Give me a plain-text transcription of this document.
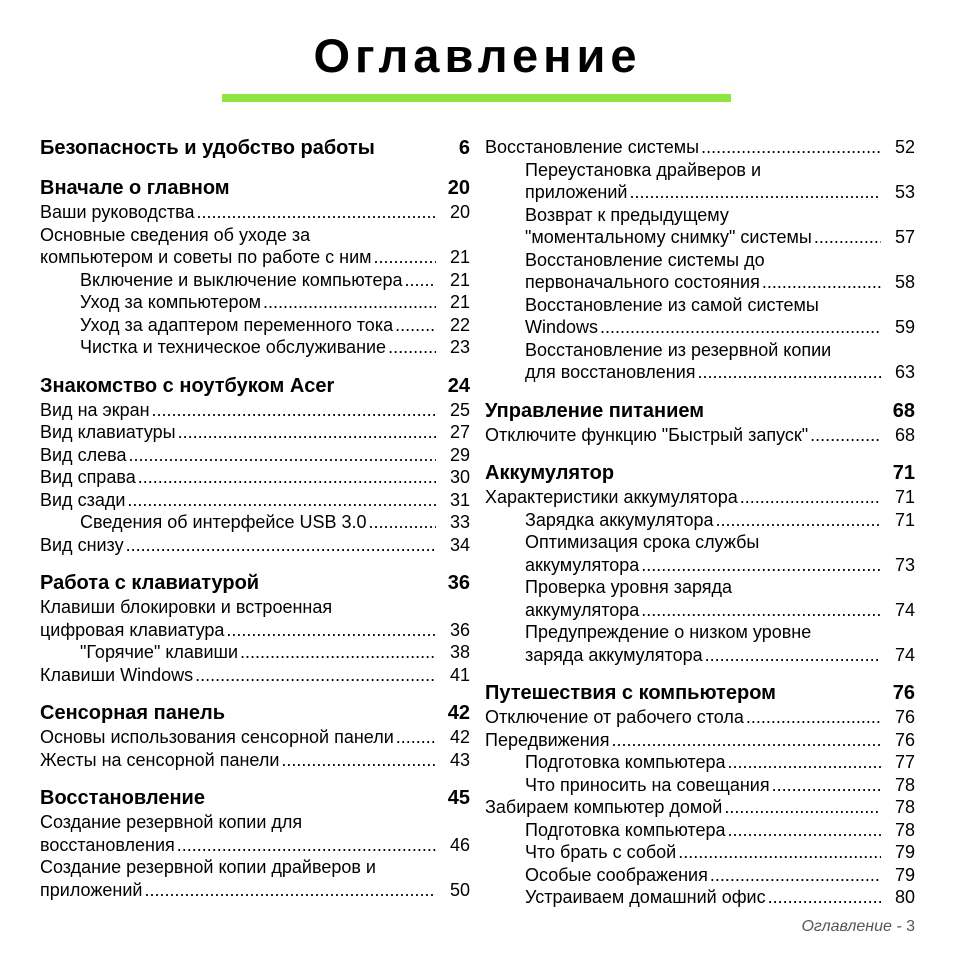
Оглавление
Безопасность и удобство работы	6
Вначале о главном	20
Ваши руководства .....	20
Основные сведения об уходе за
компьютером и советы по работе с ним .....	21
Включение и выключение компьютера .....	21
Уход за компьютером .....	21
Уход за адаптером переменного тока .....	22
Чистка и техническое обслуживание .....	23
Знакомство с ноутбуком Acer	24
Вид на экран .....	25
Вид клавиатуры .....	27
Вид слева .....	29
Вид справа .....	30
Вид сзади .....	31
Сведения об интерфейсе USB 3.0 .....	33
Вид снизу .....	34
Работа с клавиатурой	36
Клавиши блокировки и встроенная
цифровая клавиатура .....	36
"Горячие" клавиши .....	38
Клавиши Windows .....	41
Сенсорная панель	42
Основы использования сенсорной панели .....	42
Жесты на сенсорной панели .....	43
Восстановление	45
Создание резервной копии для
восстановления .....	46
Создание резервной копии драйверов и
приложений .....	50
Восстановление системы .....	52
Переустановка драйверов и
приложений .....	53
Возврат к предыдущему
"моментальному снимку" системы .....	57
Восстановление системы до
первоначального состояния .....	58
Восстановление из самой системы
Windows .....	59
Восстановление из резервной копии
для восстановления .....	63
Управление питанием	68
Отключите функцию "Быстрый запуск" .....	68
Аккумулятор	71
Характеристики аккумулятора .....	71
Зарядка аккумулятора .....	71
Оптимизация срока службы
аккумулятора .....	73
Проверка уровня заряда
аккумулятора .....	74
Предупреждение о низком уровне
заряда аккумулятора .....	74
Путешествия с компьютером	76
Отключение от рабочего стола .....	76
Передвижения .....	76
Подготовка компьютера .....	77
Что приносить на совещания .....	78
Забираем компьютер домой .....	78
Подготовка компьютера .....	78
Что брать с собой .....	79
Особые соображения .....	79
Устраиваем домашний офис .....	80
Оглавление - 3
